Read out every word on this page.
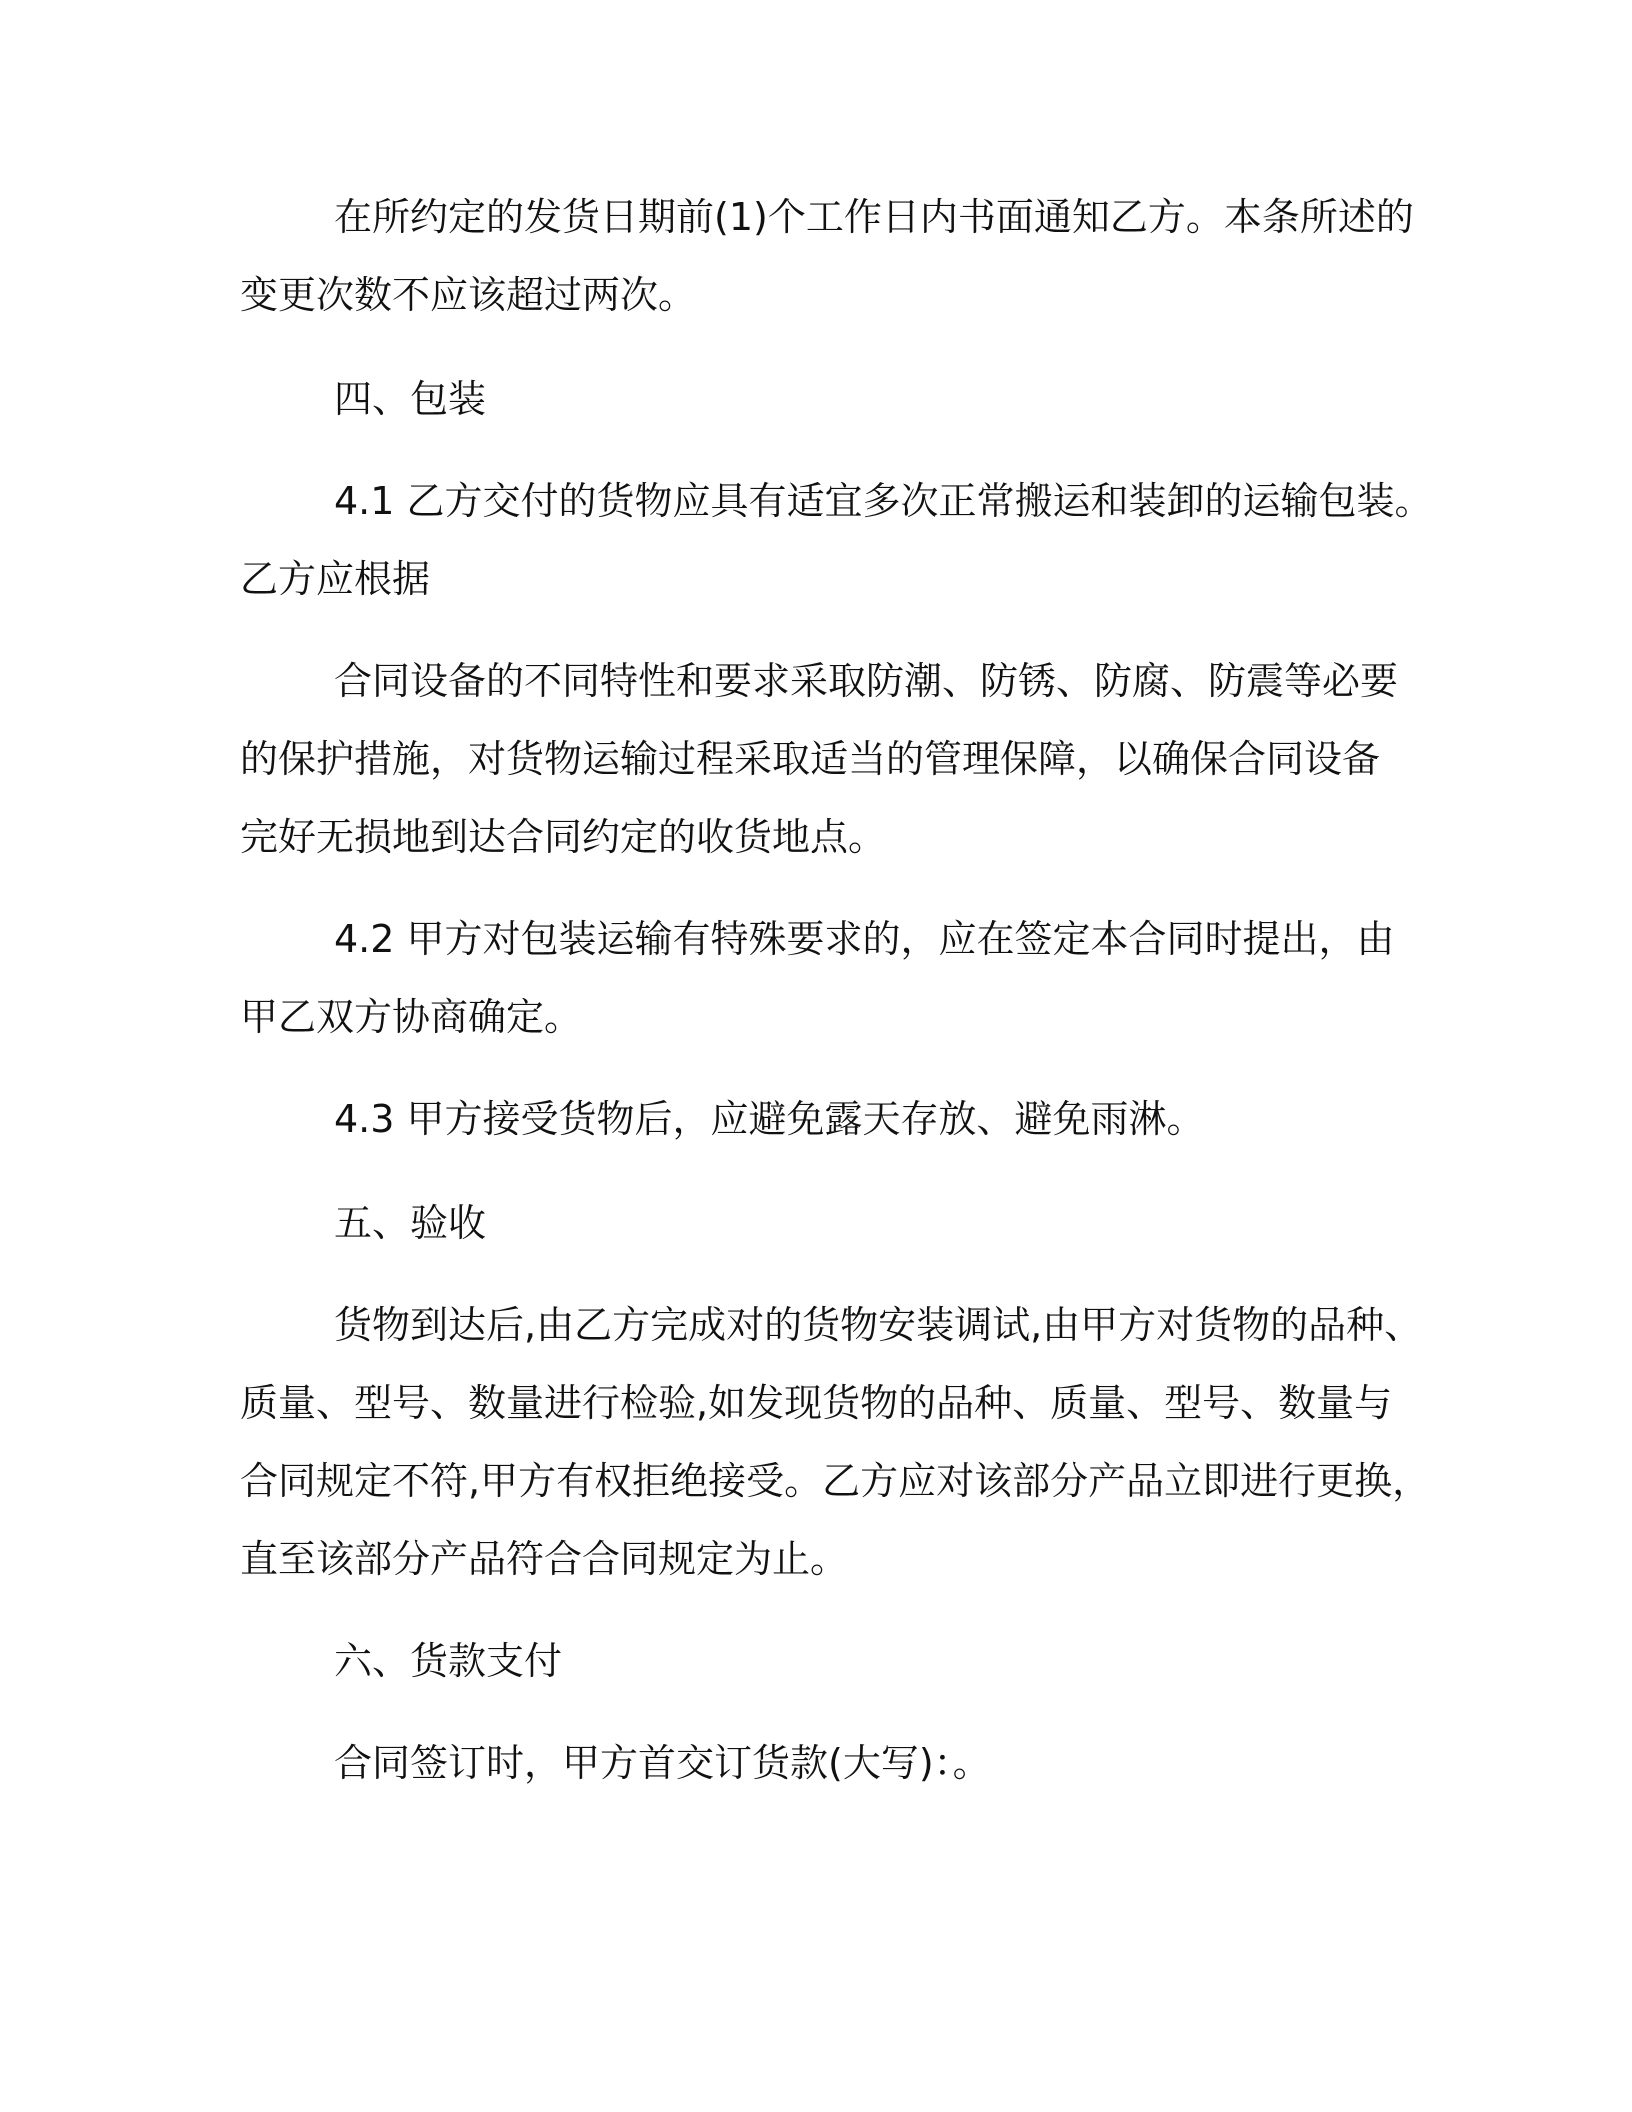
在所约定的发货日期前(1)个工作日内书面通知乙方。本条所述的
变更次数不应该超过两次。
四、包装
4.1 乙方交付的货物应具有适宜多次正常搬运和装卸的运输包装。
乙方应根据
合同设备的不同特性和要求采取防潮、防锈、防腐、防震等必要
的保护措施，对货物运输过程采取适当的管理保障，以确保合同设备
完好无损地到达合同约定的收货地点。
4.2 甲方对包装运输有特殊要求的，应在签定本合同时提出，由
甲乙双方协商确定。
4.3 甲方接受货物后，应避免露天存放、避免雨淋。
五、验收
货物到达后,由乙方完成对的货物安装调试,由甲方对货物的品种、
质量、型号、数量进行检验,如发现货物的品种、质量、型号、数量与
合同规定不符,甲方有权拒绝接受。乙方应对该部分产品立即进行更换，
直至该部分产品符合合同规定为止。
六、货款支付
合同签订时，甲方首交订货款(大写)：。
